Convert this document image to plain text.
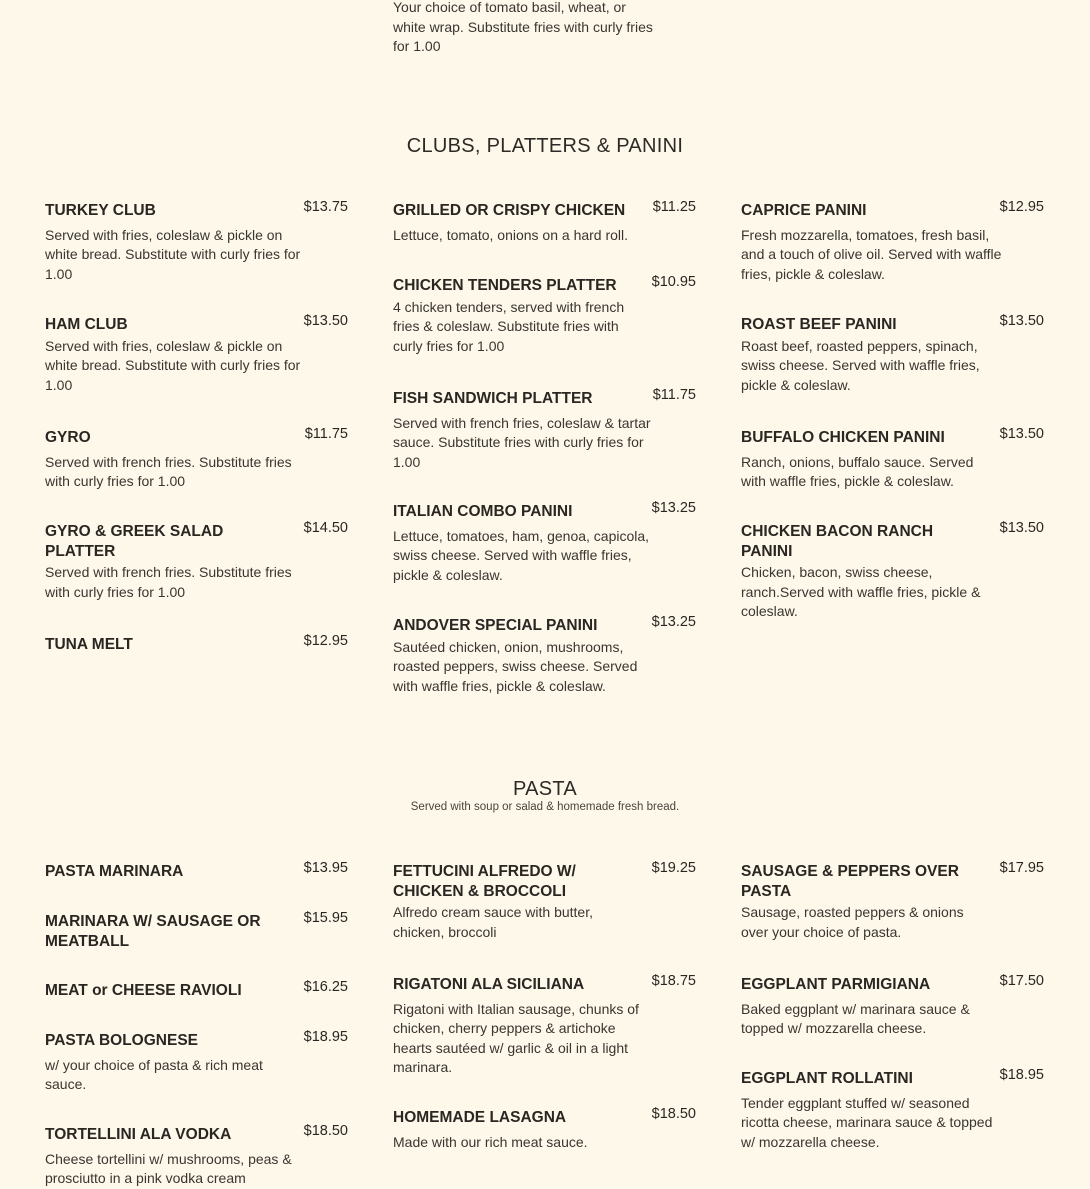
Your choice of tomato basil, wheat, or white wrap. Substitute fries with curly fries for 1.00
CLUBS, PLATTERS & PANINI
TURKEY CLUB	$13.75
Served with fries, coleslaw & pickle on white bread. Substitute with curly fries for 1.00
HAM CLUB	$13.50
Served with fries, coleslaw & pickle on white bread. Substitute with curly fries for 1.00
GYRO	$11.75
Served with french fries. Substitute fries with curly fries for 1.00
GYRO & GREEK SALAD PLATTER
$14.50
Served with french fries. Substitute fries with curly fries for 1.00
TUNA MELT	$12.95
GRILLED OR CRISPY CHICKEN	$11.25
Lettuce, tomato, onions on a hard roll.
CHICKEN TENDERS PLATTER	$10.95
4 chicken tenders, served with french fries & coleslaw. Substitute fries with curly fries for 1.00
FISH SANDWICH PLATTER	$11.75
Served with french fries, coleslaw & tartar sauce. Substitute fries with curly fries for 1.00
ITALIAN COMBO PANINI	$13.25
Lettuce, tomatoes, ham, genoa, capicola, swiss cheese. Served with waffle fries, pickle & coleslaw.
ANDOVER SPECIAL PANINI	$13.25
Sautéed chicken, onion, mushrooms, roasted peppers, swiss cheese. Served with waffle fries, pickle & coleslaw.
CAPRICE PANINI	$12.95
Fresh mozzarella, tomatoes, fresh basil, and a touch of olive oil. Served with waffle fries, pickle & coleslaw.
ROAST BEEF PANINI	$13.50
Roast beef, roasted peppers, spinach, swiss cheese. Served with waffle fries, pickle & coleslaw.
BUFFALO CHICKEN PANINI	$13.50
Ranch, onions, buffalo sauce. Served with waffle fries, pickle & coleslaw.
CHICKEN BACON RANCH PANINI
$13.50
Chicken, bacon, swiss cheese, ranch.Served with waffle fries, pickle & coleslaw.
PASTA
Served with soup or salad & homemade fresh bread.
PASTA MARINARA	$13.95
MARINARA W/ SAUSAGE OR MEATBALL
$15.95
MEAT or CHEESE RAVIOLI	$16.25
PASTA BOLOGNESE	$18.95
w/ your choice of pasta & rich meat sauce.
TORTELLINI ALA VODKA	$18.50
Cheese tortellini w/ mushrooms, peas & prosciutto in a pink vodka cream
FETTUCINI ALFREDO W/ CHICKEN & BROCCOLI
$19.25
Alfredo cream sauce with butter, chicken, broccoli
RIGATONI ALA SICILIANA	$18.75
Rigatoni with Italian sausage, chunks of chicken, cherry peppers & artichoke hearts sautéed w/ garlic & oil in a light marinara.
HOMEMADE LASAGNA	$18.50
Made with our rich meat sauce.
SAUSAGE & PEPPERS OVER PASTA
$17.95
Sausage, roasted peppers & onions over your choice of pasta.
EGGPLANT PARMIGIANA	$17.50
Baked eggplant w/ marinara sauce & topped w/ mozzarella cheese.
EGGPLANT ROLLATINI	$18.95
Tender eggplant stuffed w/ seasoned ricotta cheese, marinara sauce & topped w/ mozzarella cheese.
